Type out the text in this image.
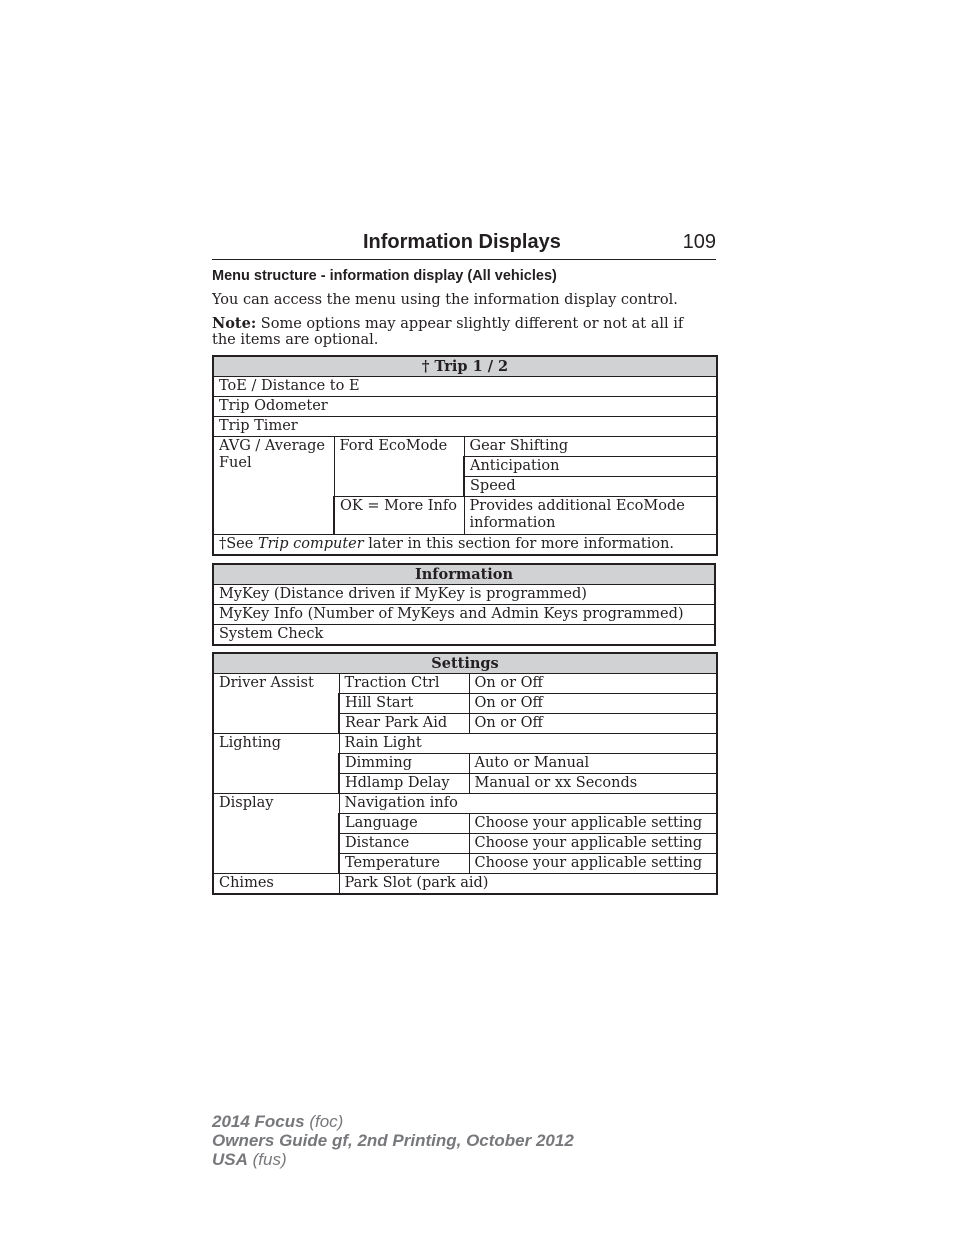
Information Displays	109
Menu structure - information display (All vehicles)
You can access the menu using the information display control.
Note: Some options may appear slightly different or not at all if the items are optional.
† Trip 1 / 2		
ToE / Distance to E		
Trip Odometer		
Trip Timer		
AVG / Average Fuel	Ford EcoMode	Gear Shifting
		Anticipation
		Speed
	OK = More Info	Provides additional EcoMode information
†See Trip computer later in this section for more information.		
Information
MyKey (Distance driven if MyKey is programmed)
MyKey Info (Number of MyKeys and Admin Keys programmed)
System Check
Settings		
Driver Assist	Traction Ctrl	On or Off
	Hill Start	On or Off
	Rear Park Aid	On or Off
Lighting	Rain Light	
	Dimming	Auto or Manual
	Hdlamp Delay	Manual or xx Seconds
Display	Navigation info	
	Language	Choose your applicable setting
	Distance	Choose your applicable setting
	Temperature	Choose your applicable setting
Chimes	Park Slot (park aid)	
2014 Focus (foc)
Owners Guide gf, 2nd Printing, October 2012
USA (fus)
